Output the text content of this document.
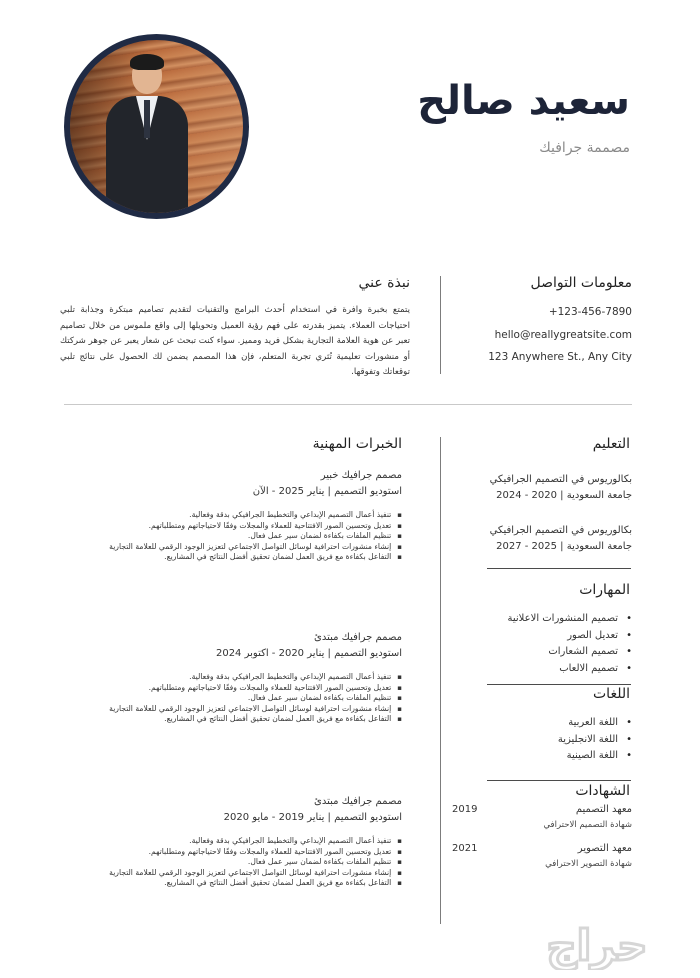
سعيد صالح
مصممة جرافيك
معلومات التواصل
+123-456-7890
hello@reallygreatsite.com
123 Anywhere St., Any City
نبذة عني
يتمتع بخبرة وافرة في استخدام أحدث البرامج والتقنيات لتقديم تصاميم مبتكرة وجذابة تلبي احتياجات العملاء. يتميز بقدرته على فهم رؤية العميل وتحويلها إلى واقع ملموس من خلال تصاميم تعبر عن هوية العلامة التجارية بشكل فريد ومميز. سواء كنت تبحث عن شعار يعبر عن جوهر شركتك أو منشورات تعليمية تُثري تجربة المتعلم، فإن هذا المصمم يضمن لك الحصول على نتائج تلبي توقعاتك وتفوقها.
التعليم
بكالوريوس في التصميم الجرافيكي
جامعة السعودية | 2020 - 2024
بكالوريوس في التصميم الجرافيكي
جامعة السعودية | 2025 - 2027
المهارات
• تصميم المنشورات الاعلانية
• تعديل الصور
• تصميم الشعارات
• تصميم الالعاب
اللغات
• اللغة العربية
• اللغة الانجليزية
• اللغة الصينية
الشهادات
معهد التصميم
شهادة التصميم الاحترافي
2019
معهد التصوير
شهادة التصوير الاحترافي
2021
الخبرات المهنية
مصمم جرافيك خبير
استوديو التصميم | يناير 2025 - الآن
▪ تنفيذ أعمال التصميم الإبداعي والتخطيط الجرافيكي بدقة وفعالية.
▪ تعديل وتحسين الصور الافتتاحية للعملاء والمجلات وفقًا لاحتياجاتهم ومتطلباتهم.
▪ تنظيم الملفات بكفاءة لضمان سير عمل فعال.
▪ إنشاء منشورات احترافية لوسائل التواصل الاجتماعي لتعزيز الوجود الرقمي للعلامة التجارية
▪ التفاعل بكفاءة مع فريق العمل لضمان تحقيق أفضل النتائج في المشاريع.
مصمم جرافيك مبتدئ
استوديو التصميم | يناير 2020 - اكتوبر 2024
▪ تنفيذ أعمال التصميم الإبداعي والتخطيط الجرافيكي بدقة وفعالية.
▪ تعديل وتحسين الصور الافتتاحية للعملاء والمجلات وفقًا لاحتياجاتهم ومتطلباتهم.
▪ تنظيم الملفات بكفاءة لضمان سير عمل فعال.
▪ إنشاء منشورات احترافية لوسائل التواصل الاجتماعي لتعزيز الوجود الرقمي للعلامة التجارية
▪ التفاعل بكفاءة مع فريق العمل لضمان تحقيق أفضل النتائج في المشاريع.
مصمم جرافيك مبتدئ
استوديو التصميم | يناير 2019 - مايو 2020
▪ تنفيذ أعمال التصميم الإبداعي والتخطيط الجرافيكي بدقة وفعالية.
▪ تعديل وتحسين الصور الافتتاحية للعملاء والمجلات وفقًا لاحتياجاتهم ومتطلباتهم.
▪ تنظيم الملفات بكفاءة لضمان سير عمل فعال.
▪ إنشاء منشورات احترافية لوسائل التواصل الاجتماعي لتعزيز الوجود الرقمي للعلامة التجارية
▪ التفاعل بكفاءة مع فريق العمل لضمان تحقيق أفضل النتائج في المشاريع.
حراج
